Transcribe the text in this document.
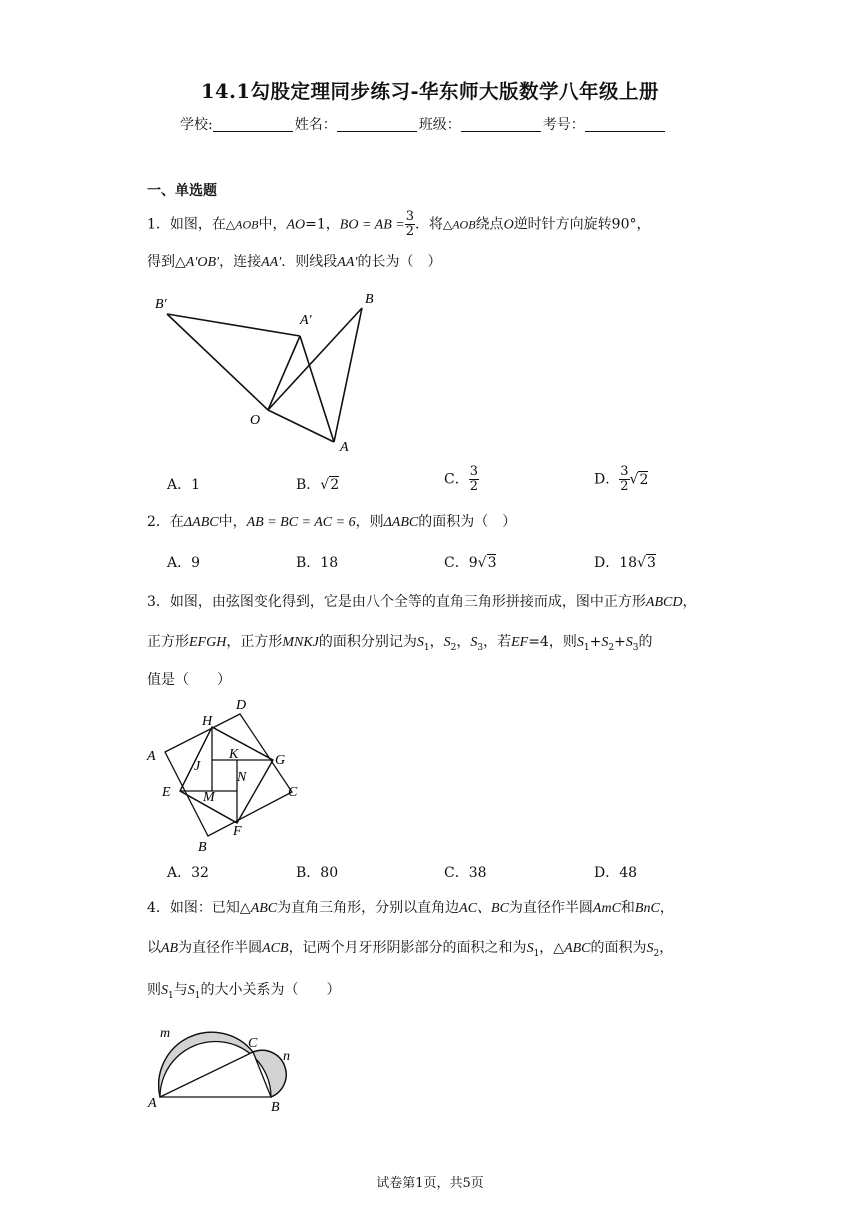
14.1勾股定理同步练习-华东师大版数学八年级上册
学校:	姓名：	班级：	考号：
一、单选题
1．如图，在△AOB中，AO=1，BO = AB = $\frac{3}{2}$ ．将△AOB绕点O逆时针方向旋转90°，
得到△A′OB′，连接AA′．则线段AA′的长为（　）
B′
A′
B
O
A
A．1	B．√2	C． $\frac{3}{2}$	D． $\frac{3}{2} √2$
2．在ΔABC中，AB = BC = AC = 6，则ΔABC的面积为（　）
A．9	B．18	C．9√3	D．18√3
3．如图，由弦图变化得到，它是由八个全等的直角三角形拼接而成，图中正方形ABCD，
正方形EFGH，正方形MNKJ的面积分别记为$S_1$，$S_2$，$S_3$，若EF=4，则$S_1+S_2+S_3$的
值是（　　）
A
B
C
D
E
F
G
H
J
K
M
N
A．32	B．80	C．38	D．48
4．如图：已知△ABC为直角三角形，分别以直角边AC、BC为直径作半圆AmC和BnC，
以AB为直径作半圆ACB，记两个月牙形阴影部分的面积之和为$S_1$，△ABC的面积为$S_2$，
则$S_1$与$S_1$的大小关系为（　　）
m
C
n
A	B
试卷第1页，共5页
